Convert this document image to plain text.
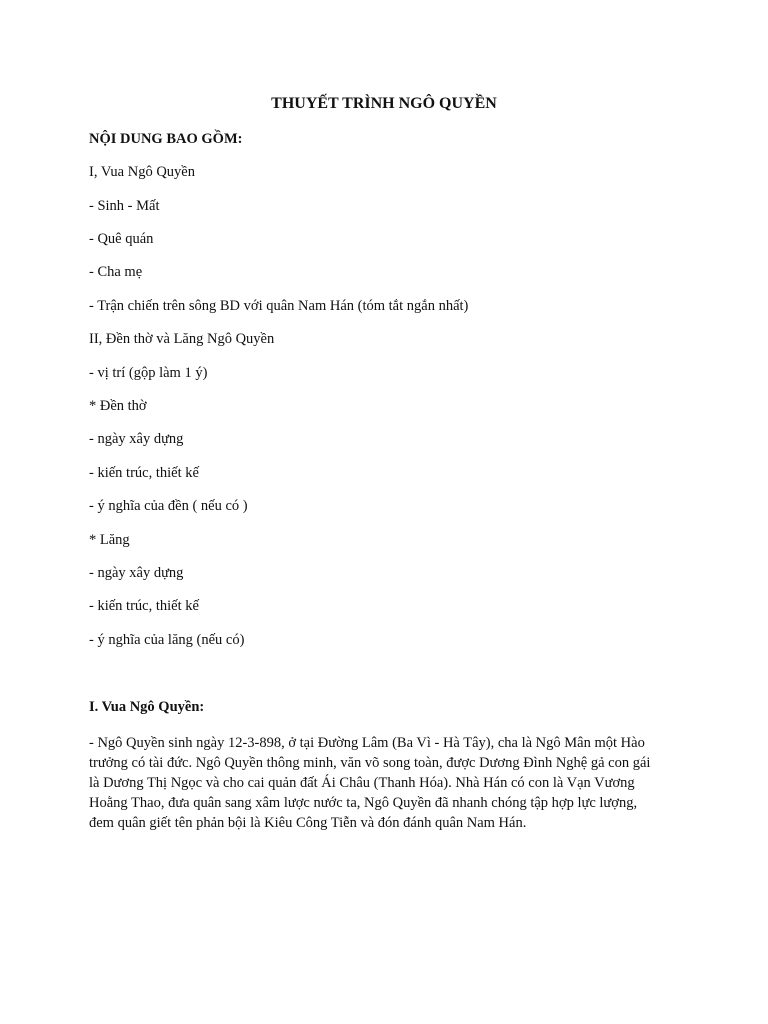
THUYẾT TRÌNH NGÔ QUYỀN
NỘI DUNG BAO GỒM:
I, Vua Ngô Quyền
- Sinh - Mất
- Quê quán
- Cha mẹ
- Trận chiến trên sông BD với quân Nam Hán (tóm tắt ngắn nhất)
II, Đền thờ và Lăng Ngô Quyền
- vị trí (gộp làm 1 ý)
* Đền thờ
- ngày xây dựng
- kiến trúc, thiết kế
- ý nghĩa của đền ( nếu có )
* Lăng
- ngày xây dựng
- kiến trúc, thiết kế
- ý nghĩa của lăng (nếu có)
I. Vua Ngô Quyền:
- Ngô Quyền sinh ngày 12-3-898, ở tại Đường Lâm (Ba Vì - Hà Tây), cha là Ngô Mân một Hào
trưởng có tài đức. Ngô Quyền thông minh, văn võ song toàn, được Dương Đình Nghệ gả con gái
là Dương Thị Ngọc và cho cai quản đất Ái Châu (Thanh Hóa). Nhà Hán có con là Vạn Vương
Hoằng Thao, đưa quân sang xâm lược nước ta, Ngô Quyền đã nhanh chóng tập hợp lực lượng,
đem quân giết tên phản bội là Kiêu Công Tiễn và đón đánh quân Nam Hán.
